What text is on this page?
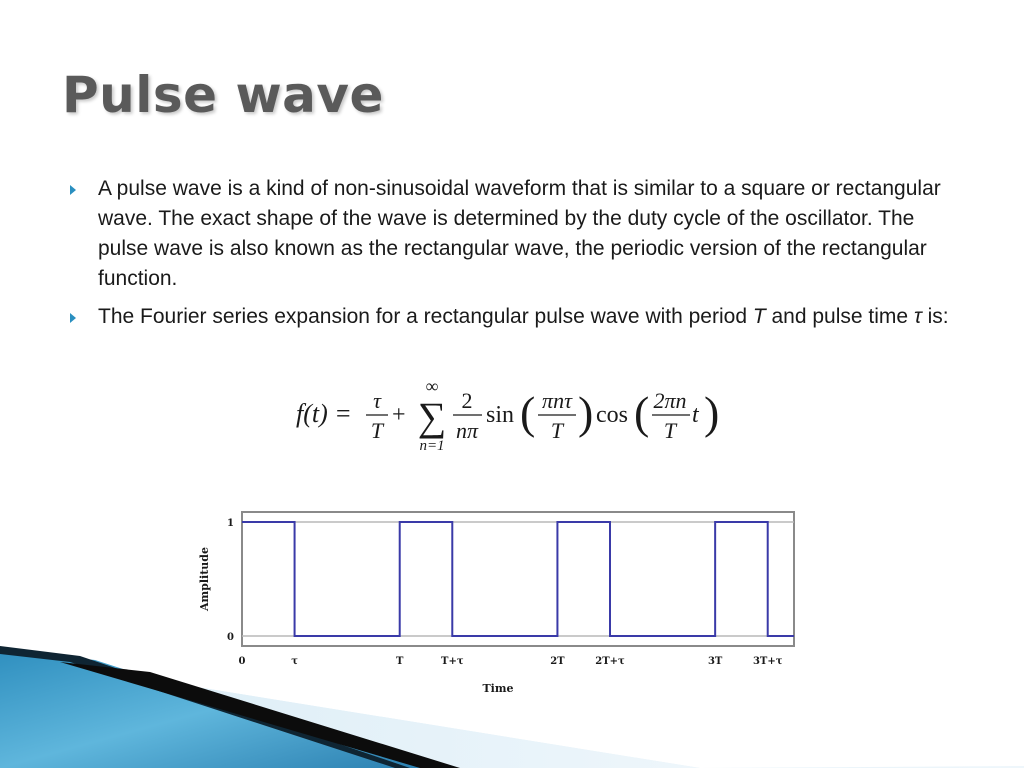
Pulse wave
A pulse wave is a kind of non-sinusoidal waveform that is similar to a square or rectangular wave. The exact shape of the wave is determined by the duty cycle of the oscillator. The pulse wave is also known as the rectangular wave, the periodic version of the rectangular function.
The Fourier series expansion for a rectangular pulse wave with period T and pulse time τ is:
f(t) = τ
T
+
∞
∑
n=1
2
nπ
sin ( πnτ
T ) cos ( 2πn
T
t )
0
1
0	τ	T	T+τ	2T	2T+τ	3T	3T+τ
Time
Amplitude
